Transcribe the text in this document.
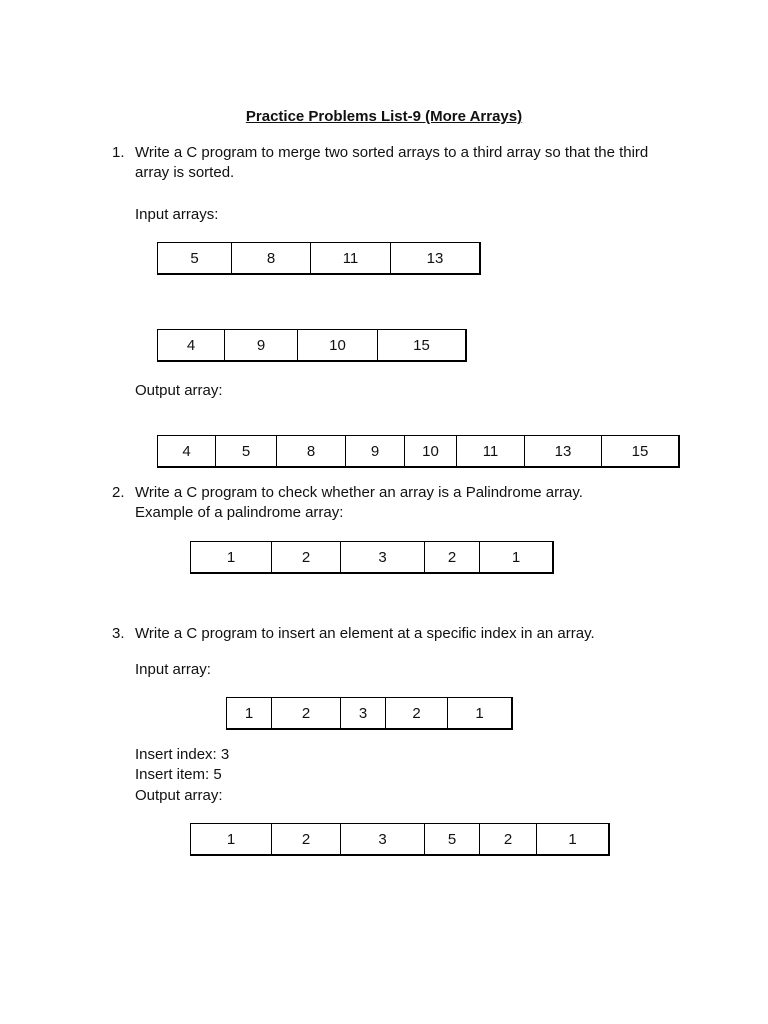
Practice Problems List-9 (More Arrays)
1. Write a C program to merge two sorted arrays to a third array so that the third
array is sorted.
Input arrays:
5	8	11	13
4	9	10	15
Output array:
4	5	8	9	10	11	13	15
2. Write a C program to check whether an array is a Palindrome array.
Example of a palindrome array:
1	2	3	2	1
3. Write a C program to insert an element at a specific index in an array.
Input array:
1	2	3	2	1
Insert index: 3
Insert item: 5
Output array:
1	2	3	5	2	1
